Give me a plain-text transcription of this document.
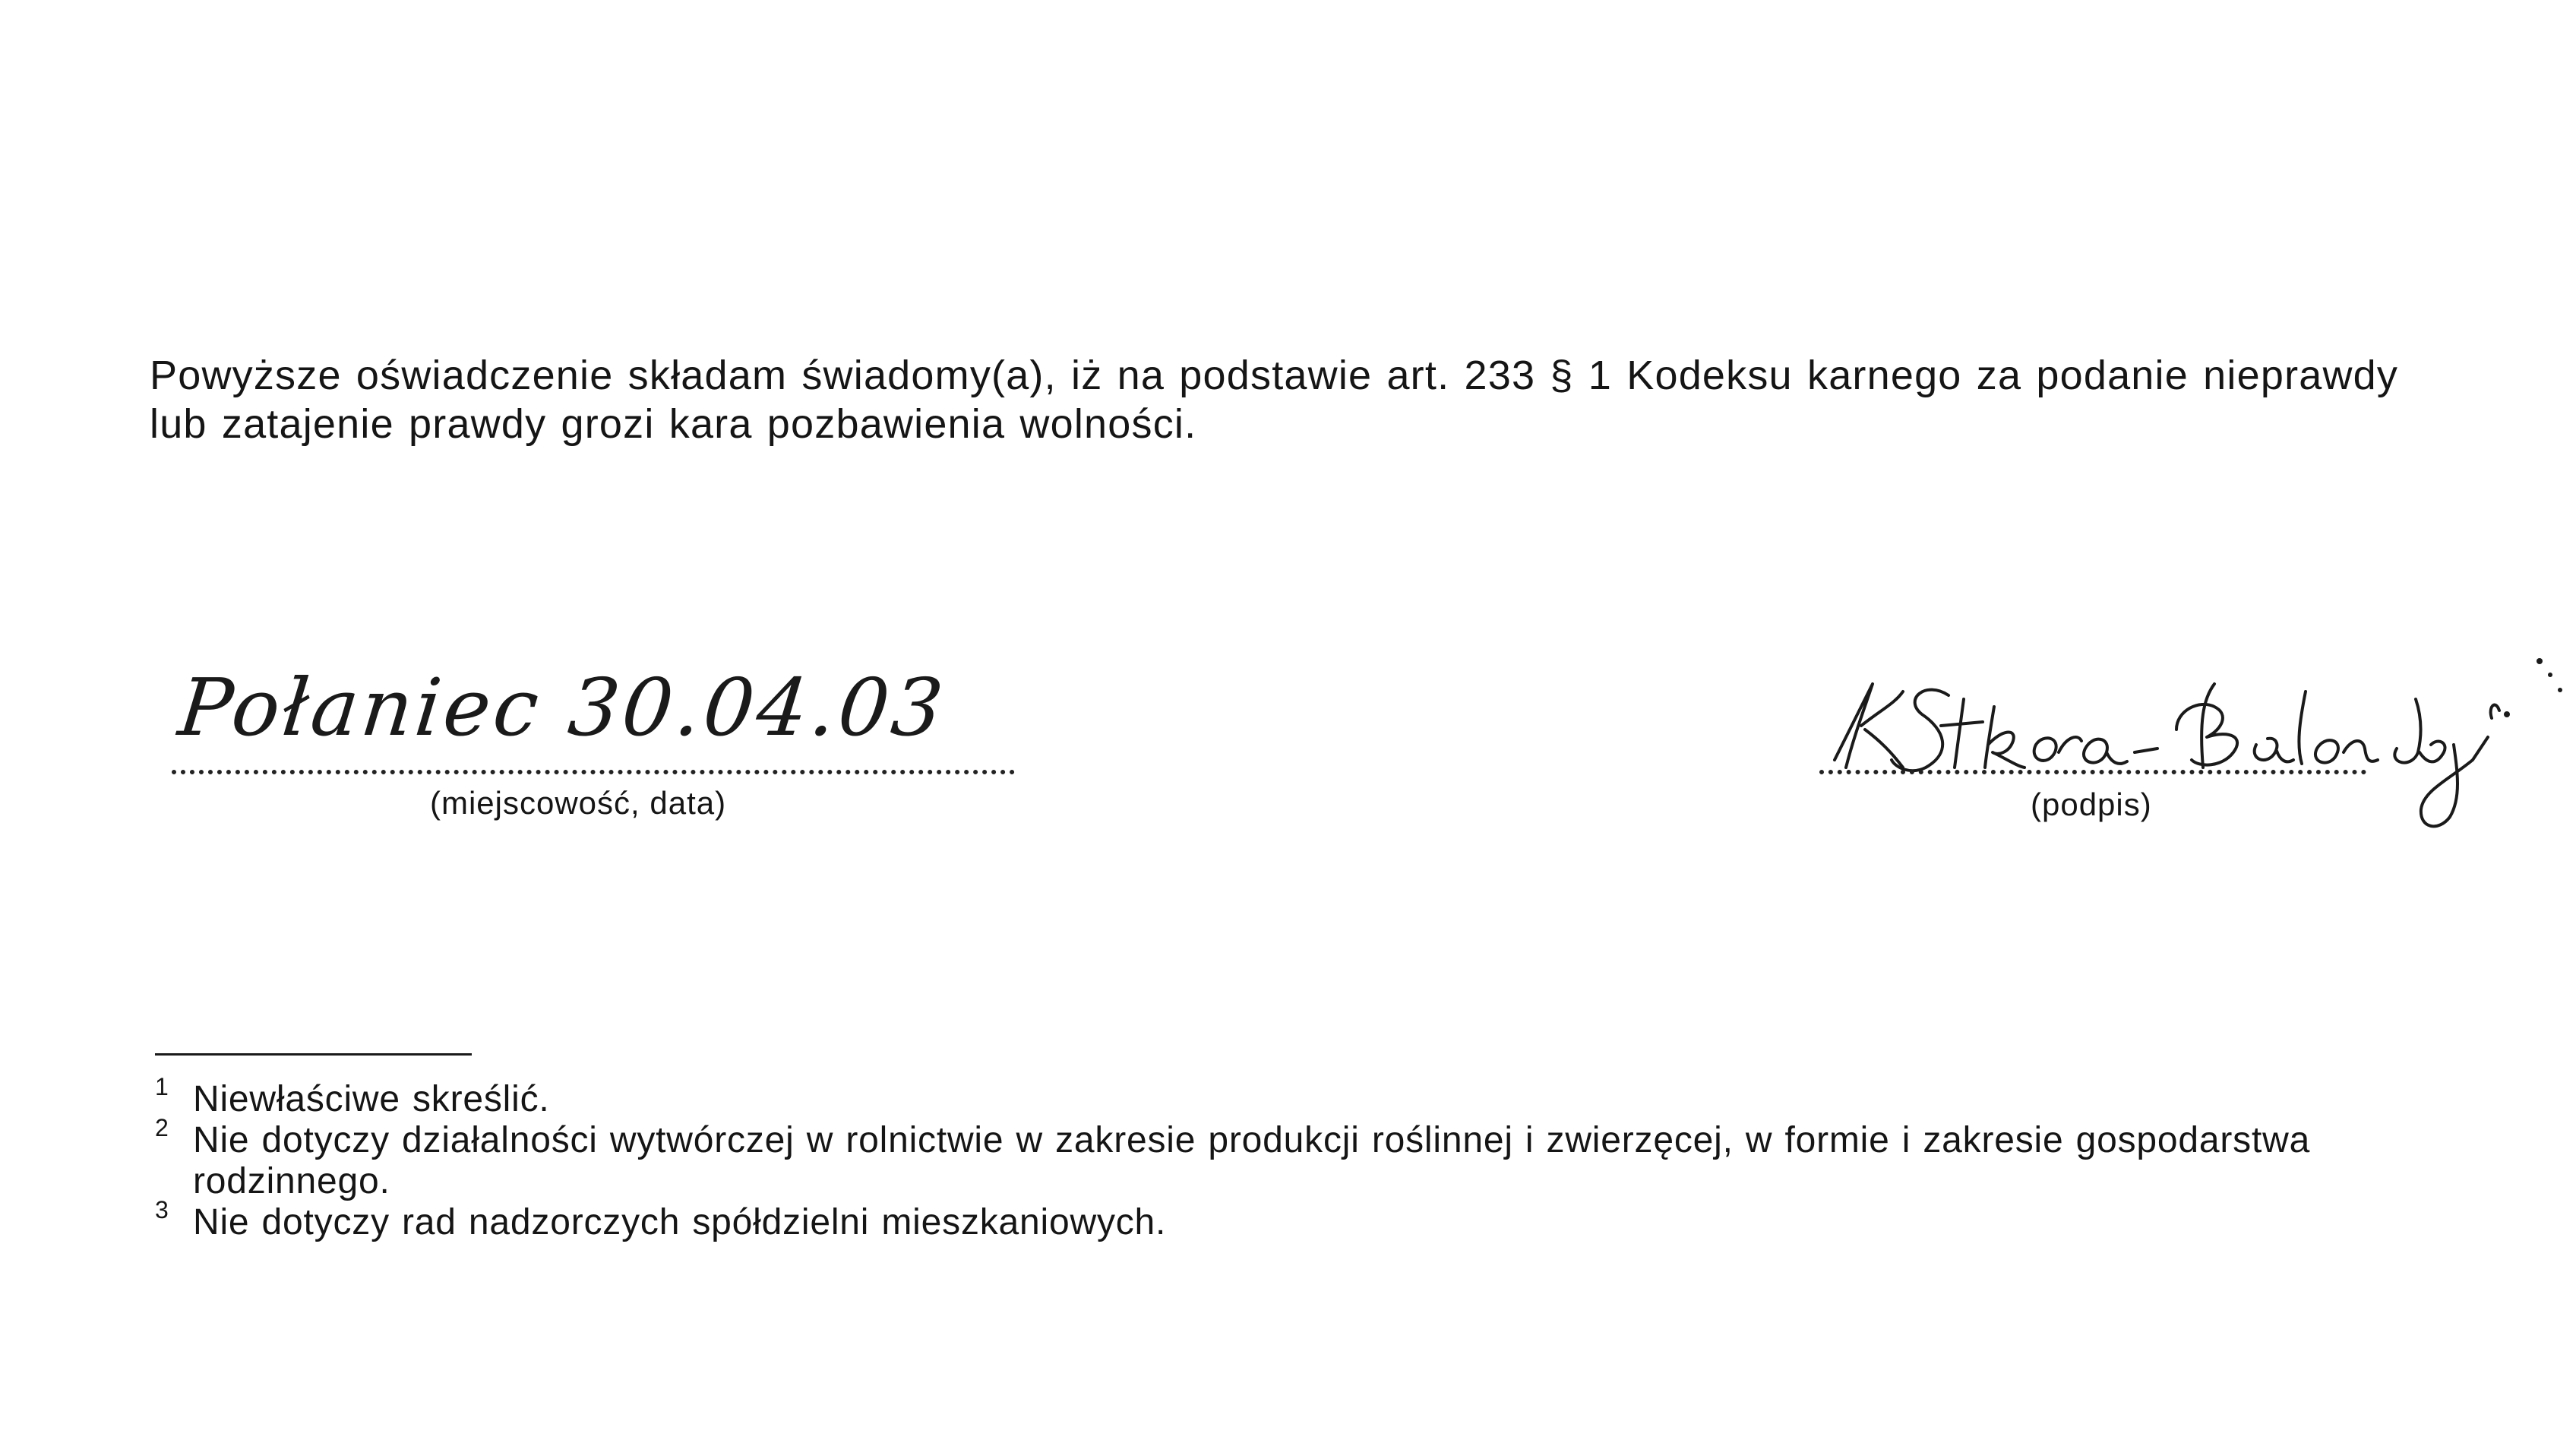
Powyższe oświadczenie składam świadomy(a), iż na podstawie art. 233 § 1 Kodeksu karnego za podanie nieprawdy lub zatajenie prawdy grozi kara pozbawienia wolności.

Połaniec 30.04.03
(miejscowość, data)	(podpis)
1 Niewłaściwe skreślić.
2 Nie dotyczy działalności wytwórczej w rolnictwie w zakresie produkcji roślinnej i zwierzęcej, w formie i zakresie gospodarstwa rodzinnego.
3 Nie dotyczy rad nadzorczych spółdzielni mieszkaniowych.
